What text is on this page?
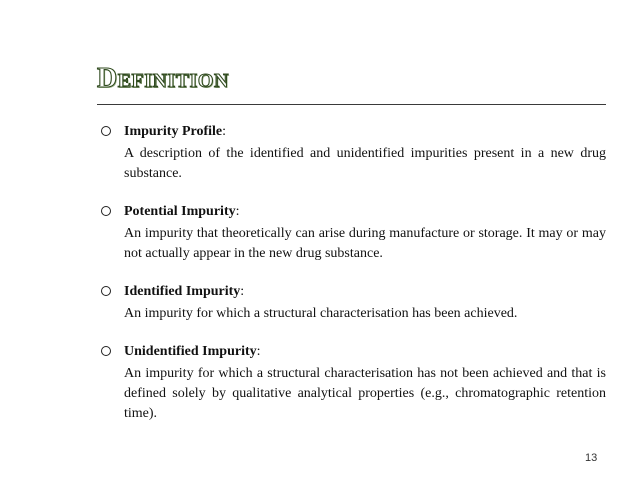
Definition

Impurity Profile:

A description of the identified and unidentified impurities present in a new drug substance.

Potential Impurity:

An impurity that theoretically can arise during manufacture or storage. It may or may not actually appear in the new drug substance.

Identified Impurity:

An impurity for which a structural characterisation has been achieved.

Unidentified Impurity:

An impurity for which a structural characterisation has not been achieved and that is defined solely by qualitative analytical properties (e.g., chromatographic retention time).

13
